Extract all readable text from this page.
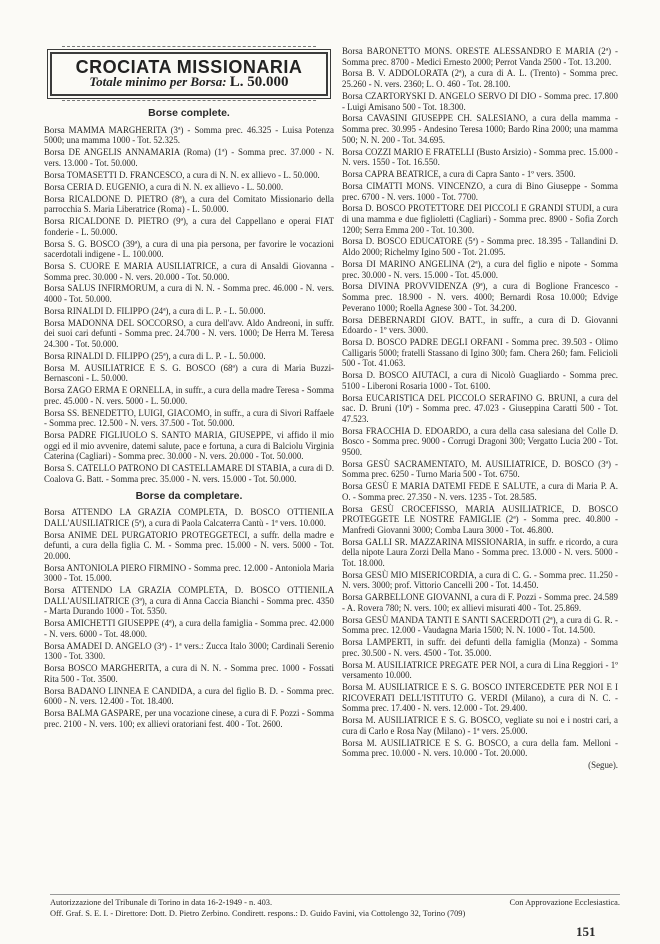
CROCIATA MISSIONARIA
Totale minimo per Borsa: L. 50.000
Borse complete.
Borsa MAMMA MARGHERITA (3ª) - Somma prec. 46.325 - Luisa Potenza 5000; una mamma 1000 - Tot. 52.325.
Borsa DE ANGELIS ANNAMARIA (Roma) (1ª) - Somma prec. 37.000 - N. vers. 13.000 - Tot. 50.000.
Borsa TOMASETTI D. FRANCESCO, a cura di N. N. ex allievo - L. 50.000.
Borsa CERIA D. EUGENIO, a cura di N. N. ex allievo - L. 50.000.
Borsa RICALDONE D. PIETRO (8ª), a cura del Comitato Missionario della parrocchia S. Maria Liberatrice (Roma) - L. 50.000.
Borsa RICALDONE D. PIETRO (9ª), a cura del Cappellano e operai FIAT fonderie - L. 50.000.
Borsa S. G. BOSCO (39ª), a cura di una pia persona, per favorire le vocazioni sacerdotali indigene - L. 100.000.
Borsa S. CUORE E MARIA AUSILIATRICE, a cura di Ansaldi Giovanna - Somma prec. 30.000 - N. vers. 20.000 - Tot. 50.000.
Borsa SALUS INFIRMORUM, a cura di N. N. - Somma prec. 46.000 - N. vers. 4000 - Tot. 50.000.
Borsa RINALDI D. FILIPPO (24ª), a cura di L. P. - L. 50.000.
Borsa MADONNA DEL SOCCORSO, a cura dell'avv. Aldo Andreoni, in suffr. dei suoi cari defunti - Somma prec. 24.700 - N. vers. 1000; De Herra M. Teresa 24.300 - Tot. 50.000.
Borsa RINALDI D. FILIPPO (25ª), a cura di L. P. - L. 50.000.
Borsa M. AUSILIATRICE E S. G. BOSCO (68ª) a cura di Maria Buzzi-Bernasconi - L. 50.000.
Borsa ZAGO ERMA E ORNELLA, in suffr., a cura della madre Teresa - Somma prec. 45.000 - N. vers. 5000 - L. 50.000.
Borsa SS. BENEDETTO, LUIGI, GIACOMO, in suffr., a cura di Sivori Raffaele - Somma prec. 12.500 - N. vers. 37.500 - Tot. 50.000.
Borsa PADRE FIGLIUOLO S. SANTO MARIA, GIUSEPPE, vi affido il mio oggi ed il mio avvenire, datemi salute, pace e fortuna, a cura di Balciolu Virginia Caterina (Cagliari) - Somma prec. 30.000 - N. vers. 20.000 - Tot. 50.000.
Borsa S. CATELLO PATRONO DI CASTELLAMARE DI STABIA, a cura di D. Coalova G. Batt. - Somma prec. 35.000 - N. vers. 15.000 - Tot. 50.000.
Borse da completare.
Borsa ATTENDO LA GRAZIA COMPLETA, D. BOSCO OTTIENILA DALL'AUSILIATRICE (5ª), a cura di Paola Calcaterra Cantù - 1ª vers. 10.000.
Borsa ANIME DEL PURGATORIO PROTEGGETECI, a suffr. della madre e defunti, a cura della figlia C. M. - Somma prec. 15.000 - N. vers. 5000 - Tot. 20.000.
Borsa ANTONIOLA PIERO FIRMINO - Somma prec. 12.000 - Antoniola Maria 3000 - Tot. 15.000.
Borsa ATTENDO LA GRAZIA COMPLETA, D. BOSCO OTTIENILA DALL'AUSILIATRICE (3ª), a cura di Anna Caccia Bianchi - Somma prec. 4350 - Marta Durando 1000 - Tot. 5350.
Borsa AMICHETTI GIUSEPPE (4ª), a cura della famiglia - Somma prec. 42.000 - N. vers. 6000 - Tot. 48.000.
Borsa AMADEI D. ANGELO (3ª) - 1ª vers.: Zucca Italo 3000; Cardinali Serenio 1300 - Tot. 3300.
Borsa BOSCO MARGHERITA, a cura di N. N. - Somma prec. 1000 - Fossati Rita 500 - Tot. 3500.
Borsa BADANO LINNEA E CANDIDA, a cura del figlio B. D. - Somma prec. 6000 - N. vers. 12.400 - Tot. 18.400.
Borsa BALMA GASPARE, per una vocazione cinese, a cura di F. Pozzi - Somma prec. 2100 - N. vers. 100; ex allievi oratoriani fest. 400 - Tot. 2600.
Borsa BARONETTO MONS. ORESTE ALESSANDRO E MARIA (2ª) - Somma prec. 8700 - Medici Ernesto 2000; Perrot Vanda 2500 - Tot. 13.200.
Borsa B. V. ADDOLORATA (2ª), a cura di A. L. (Trento) - Somma prec. 25.260 - N. vers. 2360; L. O. 460 - Tot. 28.100.
Borsa CZARTORYSKI D. ANGELO SERVO DI DIO - Somma prec. 17.800 - Luigi Amisano 500 - Tot. 18.300.
Borsa CAVASINI GIUSEPPE CH. SALESIANO, a cura della mamma - Somma prec. 30.995 - Andesino Teresa 1000; Bardo Rina 2000; una mamma 500; N. N. 200 - Tot. 34.695.
Borsa COZZI MARIO E FRATELLI (Busto Arsizio) - Somma prec. 15.000 - N. vers. 1550 - Tot. 16.550.
Borsa CAPRA BEATRICE, a cura di Capra Santo - 1º vers. 3500.
Borsa CIMATTI MONS. VINCENZO, a cura di Bino Giuseppe - Somma prec. 6700 - N. vers. 1000 - Tot. 7700.
Borsa D. BOSCO PROTETTORE DEI PICCOLI E GRANDI STUDI, a cura di una mamma e due figlioletti (Cagliari) - Somma prec. 8900 - Sofia Zorch 1200; Serra Emma 200 - Tot. 10.300.
Borsa D. BOSCO EDUCATORE (5ª) - Somma prec. 18.395 - Tallandini D. Aldo 2000; Richelmy Igino 500 - Tot. 21.095.
Borsa DI MARINO ANGELINA (2ª), a cura del figlio e nipote - Somma prec. 30.000 - N. vers. 15.000 - Tot. 45.000.
Borsa DIVINA PROVVIDENZA (9ª), a cura di Boglione Francesco - Somma prec. 18.900 - N. vers. 4000; Bernardi Rosa 10.000; Edvige Peverano 1000; Roella Agnese 300 - Tot. 34.200.
Borsa DEBERNARDI GIOV. BATT., in suffr., a cura di D. Giovanni Edoardo - 1º vers. 3000.
Borsa D. BOSCO PADRE DEGLI ORFANI - Somma prec. 39.503 - Olimo Calligaris 5000; fratelli Stassano di Igino 300; fam. Chera 260; fam. Felicioli 500 - Tot. 41.063.
Borsa D. BOSCO AIUTACI, a cura di Nicolò Guagliardo - Somma prec. 5100 - Liberoni Rosaria 1000 - Tot. 6100.
Borsa EUCARISTICA DEL PICCOLO SERAFINO G. BRUNI, a cura del sac. D. Bruni (10ª) - Somma prec. 47.023 - Giuseppina Caratti 500 - Tot. 47.523.
Borsa FRACCHIA D. EDOARDO, a cura della casa salesiana del Colle D. Bosco - Somma prec. 9000 - Corrugi Dragoni 300; Vergatto Lucia 200 - Tot. 9500.
Borsa GESÙ SACRAMENTATO, M. AUSILIATRICE, D. BOSCO (3ª) - Somma prec. 6250 - Turno Maria 500 - Tot. 6750.
Borsa GESÙ E MARIA DATEMI FEDE E SALUTE, a cura di Maria P. A. O. - Somma prec. 27.350 - N. vers. 1235 - Tot. 28.585.
Borsa GESÙ CROCEFISSO, MARIA AUSILIATRICE, D. BOSCO PROTEGGETE LE NOSTRE FAMIGLIE (2ª) - Somma prec. 40.800 - Manfredi Giovanni 3000; Comba Laura 3000 - Tot. 46.800.
Borsa GALLI SR. MAZZARINA MISSIONARIA, in suffr. e ricordo, a cura della nipote Laura Zorzi Della Mano - Somma prec. 13.000 - N. vers. 5000 - Tot. 18.000.
Borsa GESÙ MIO MISERICORDIA, a cura di C. G. - Somma prec. 11.250 - N. vers. 3000; prof. Vittorio Cancelli 200 - Tot. 14.450.
Borsa GARBELLONE GIOVANNI, a cura di F. Pozzi - Somma prec. 24.589 - A. Rovera 780; N. vers. 100; ex allievi misurati 400 - Tot. 25.869.
Borsa GESÙ MANDA TANTI E SANTI SACERDOTI (2ª), a cura di G. R. - Somma prec. 12.000 - Vaudagna Maria 1500; N. N. 1000 - Tot. 14.500.
Borsa LAMPERTI, in suffr. dei defunti della famiglia (Monza) - Somma prec. 30.500 - N. vers. 4500 - Tot. 35.000.
Borsa M. AUSILIATRICE PREGATE PER NOI, a cura di Lina Reggiori - 1º versamento 10.000.
Borsa M. AUSILIATRICE E S. G. BOSCO INTERCEDETE PER NOI E I RICOVERATI DELL'ISTITUTO G. VERDI (Milano), a cura di N. C. - Somma prec. 17.400 - N. vers. 12.000 - Tot. 29.400.
Borsa M. AUSILIATRICE E S. G. BOSCO, vegliate su noi e i nostri cari, a cura di Carlo e Rosa Nay (Milano) - 1ª vers. 25.000.
Borsa M. AUSILIATRICE E S. G. BOSCO, a cura della fam. Melloni - Somma prec. 10.000 - N. vers. 10.000 - Tot. 20.000.
(Segue).
Autorizzazione del Tribunale di Torino in data 16-2-1949 - n. 403.	Con Approvazione Ecclesiastica.
Off. Graf. S. E. I. - Direttore: Dott. D. Pietro Zerbino. Condirett. respons.: D. Guido Favini, via Cottolengo 32, Torino (709)
151
